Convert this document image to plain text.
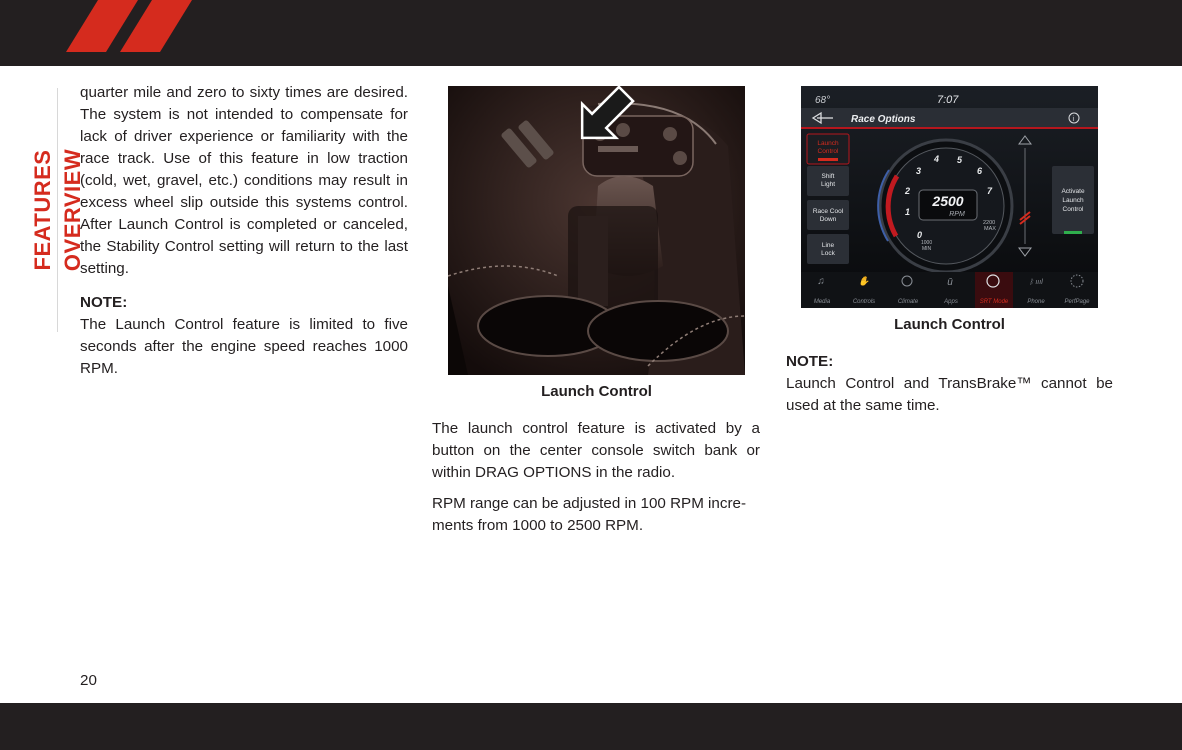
FEATURES OVERVIEW

quarter mile and zero to sixty times are desired. The system is not intended to compensate for lack of driver experience or familiarity with the race track. Use of this feature in low traction (cold, wet, gravel, etc.) conditions may result in excess wheel slip outside this systems control. After Launch Control is completed or canceled, the Stability Control setting will return to the last setting.

NOTE:

The Launch Control feature is limited to five seconds after the engine speed reaches 1000 RPM.

Launch Control

The launch control feature is activated by a button on the center console switch bank or within DRAG OPTIONS in the radio.

RPM range can be adjusted in 100 RPM incre-ments from 1000 to 2500 RPM.

68°	7:07
Race Options	i
Launch
Control
Shift
Light
Race Cool
Down
Line
Lock
0
1
2
3
4 5
6
7
2500
RPM
1000
MIN
2200
MAX
Activate
Launch
Control
♫
Media
✋
Controls	Climate
ū
Apps	SRT Mode
ᛒ ıııl
Phone	PerfPage
Launch Control

NOTE:

Launch Control and TransBrake™ cannot be used at the same time.

20
